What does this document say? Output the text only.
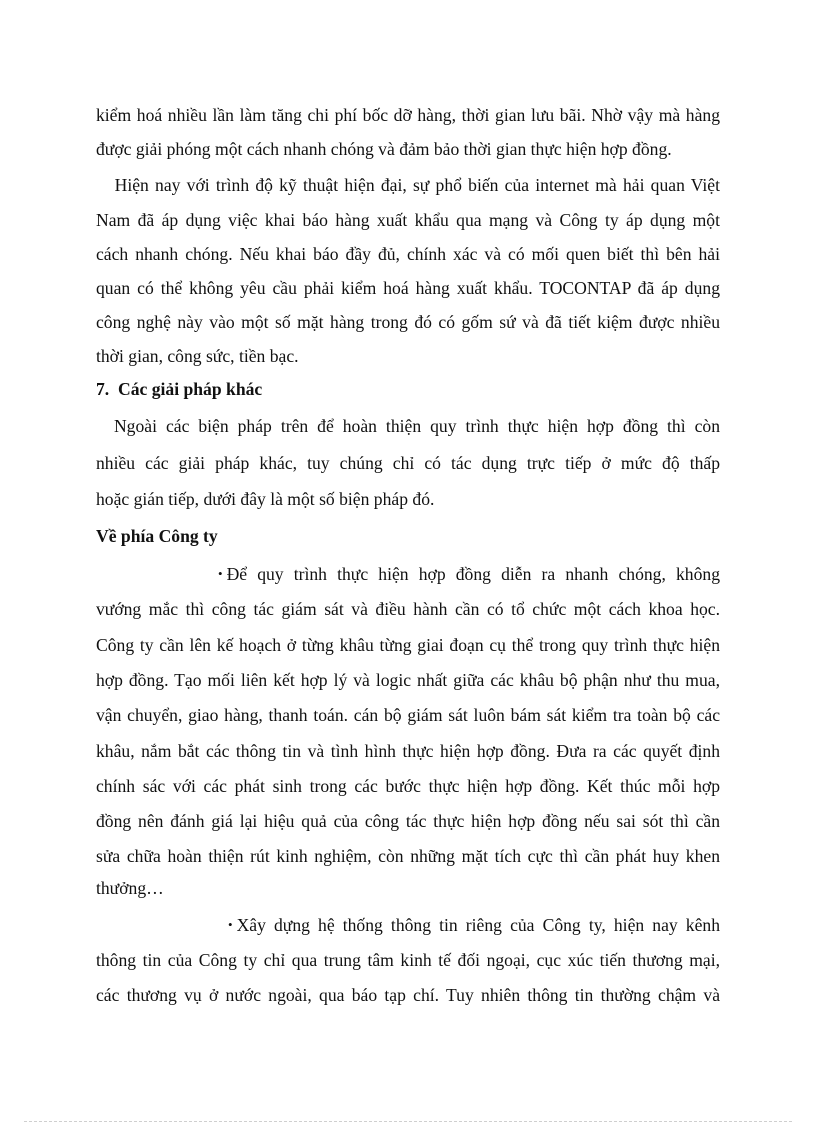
kiểm hoá nhiều lần làm tăng chi phí bốc dỡ hàng, thời gian lưu bãi. Nhờ vậy mà hàng
được giải phóng một cách nhanh chóng và đảm bảo thời gian thực hiện hợp đồng.
Hiện nay với trình độ kỹ thuật hiện đại, sự phổ biến của internet mà hải quan Việt
Nam đã áp dụng việc khai báo hàng xuất khẩu qua mạng và Công ty áp dụng một
cách nhanh chóng. Nếu khai báo đầy đủ, chính xác và có mối quen biết thì bên hải
quan có thể không yêu cầu phải kiểm hoá hàng xuất khẩu. TOCONTAP đã áp dụng
công nghệ này vào một số mặt hàng trong đó có gốm sứ và đã tiết kiệm được nhiều
thời gian, công sức, tiền bạc.
7. Các giải pháp khác
Ngoài các biện pháp trên để hoàn thiện quy trình thực hiện hợp đồng thì còn
nhiều các giải pháp khác, tuy chúng chỉ có tác dụng trực tiếp ở mức độ thấp
hoặc gián tiếp, dưới đây là một số biện pháp đó.
Về phía Công ty
• Để quy trình thực hiện hợp đồng diễn ra nhanh chóng, không
vướng mắc thì công tác giám sát và điều hành cần có tổ chức một cách khoa học.
Công ty cần lên kế hoạch ở từng khâu từng giai đoạn cụ thể trong quy trình thực hiện
hợp đồng. Tạo mối liên kết hợp lý và logic nhất giữa các khâu bộ phận như thu mua,
vận chuyển, giao hàng, thanh toán. cán bộ giám sát luôn bám sát kiểm tra toàn bộ các
khâu, nắm bắt các thông tin và tình hình thực hiện hợp đồng. Đưa ra các quyết định
chính sác với các phát sinh trong các bước thực hiện hợp đồng. Kết thúc mỗi hợp
đồng nên đánh giá lại hiệu quả của công tác thực hiện hợp đồng nếu sai sót thì cần
sửa chữa hoàn thiện rút kinh nghiệm, còn những mặt tích cực thì cần phát huy khen
thưởng…
• Xây dựng hệ thống thông tin riêng của Công ty, hiện nay kênh
thông tin của Công ty chỉ qua trung tâm kinh tế đối ngoại, cục xúc tiến thương mại,
các thương vụ ở nước ngoài, qua báo tạp chí. Tuy nhiên thông tin thường chậm và
